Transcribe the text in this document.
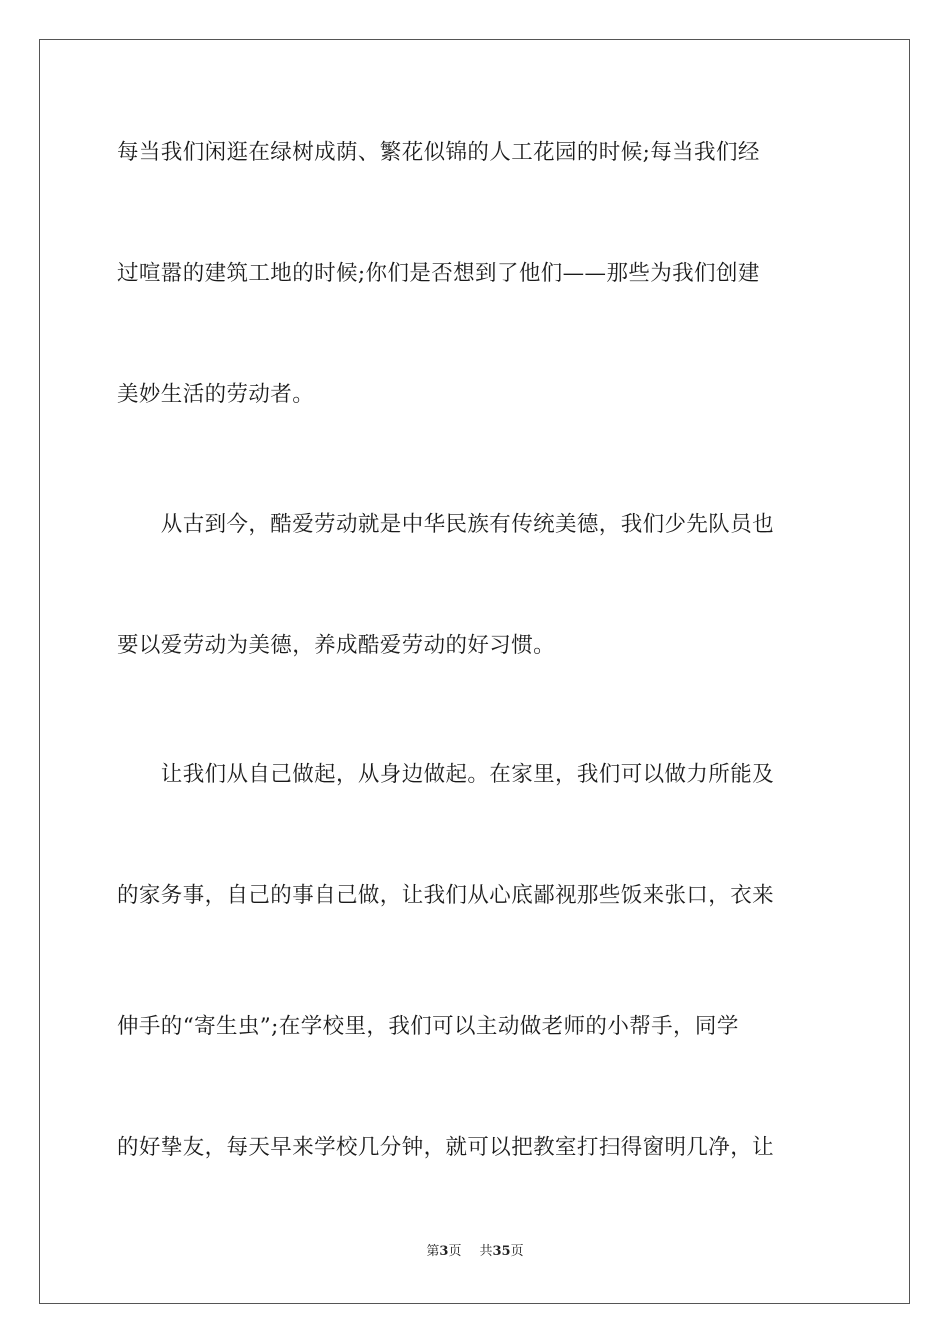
每当我们闲逛在绿树成荫、繁花似锦的人工花园的时候;每当我们经
过喧嚣的建筑工地的时候;你们是否想到了他们——那些为我们创建
美妙生活的劳动者。
　　从古到今，酷爱劳动就是中华民族有传统美德，我们少先队员也
要以爱劳动为美德，养成酷爱劳动的好习惯。
　　让我们从自己做起，从身边做起。在家里，我们可以做力所能及
的家务事，自己的事自己做，让我们从心底鄙视那些饭来张口，衣来
伸手的“寄生虫”;在学校里，我们可以主动做老师的小帮手，同学
的好挚友，每天早来学校几分钟，就可以把教室打扫得窗明几净，让
第3页 共35页
